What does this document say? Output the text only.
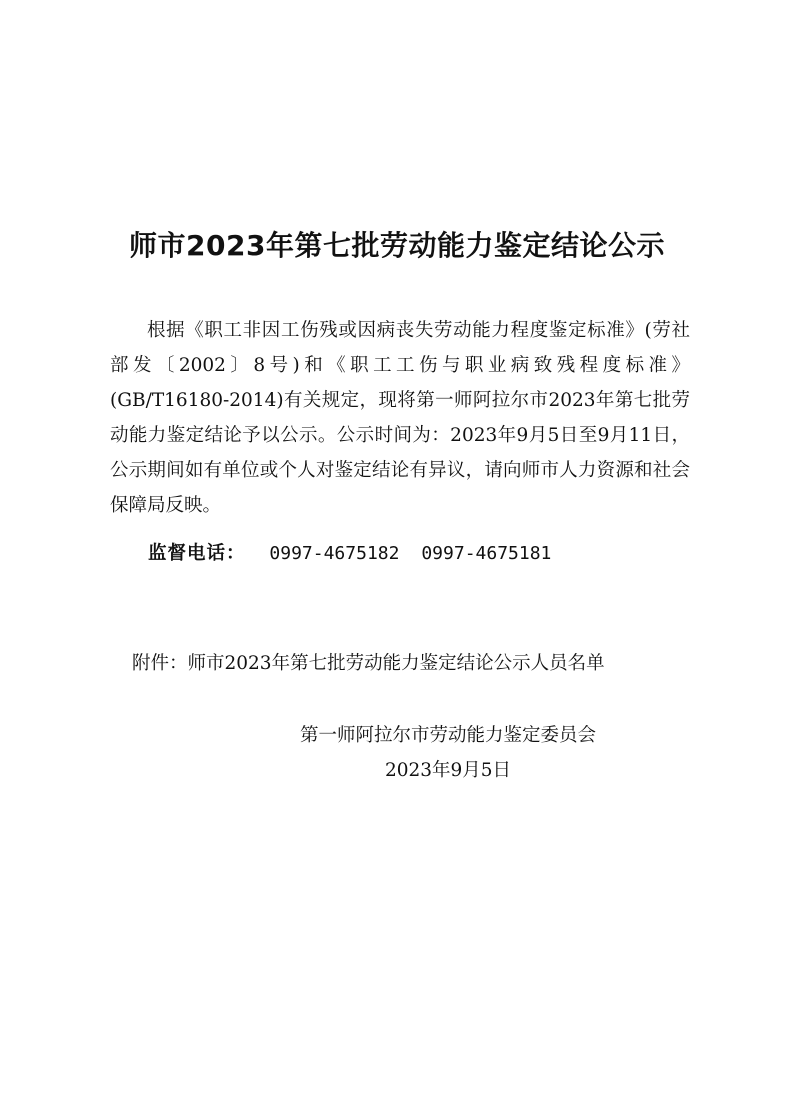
师市2023年第七批劳动能力鉴定结论公示

根据《职工非因工伤残或因病丧失劳动能力程度鉴定标准》(劳社部发〔2002〕8号)和《职工工伤与职业病致残程度标准》(GB/T16180-2014)有关规定，现将第一师阿拉尔市2023年第七批劳动能力鉴定结论予以公示。公示时间为：2023年9月5日至9月11日，公示期间如有单位或个人对鉴定结论有异议，请向师市人力资源和社会保障局反映。

监督电话： 0997-4675182 0997-4675181
附件：师市2023年第七批劳动能力鉴定结论公示人员名单
第一师阿拉尔市劳动能力鉴定委员会
2023年9月5日
